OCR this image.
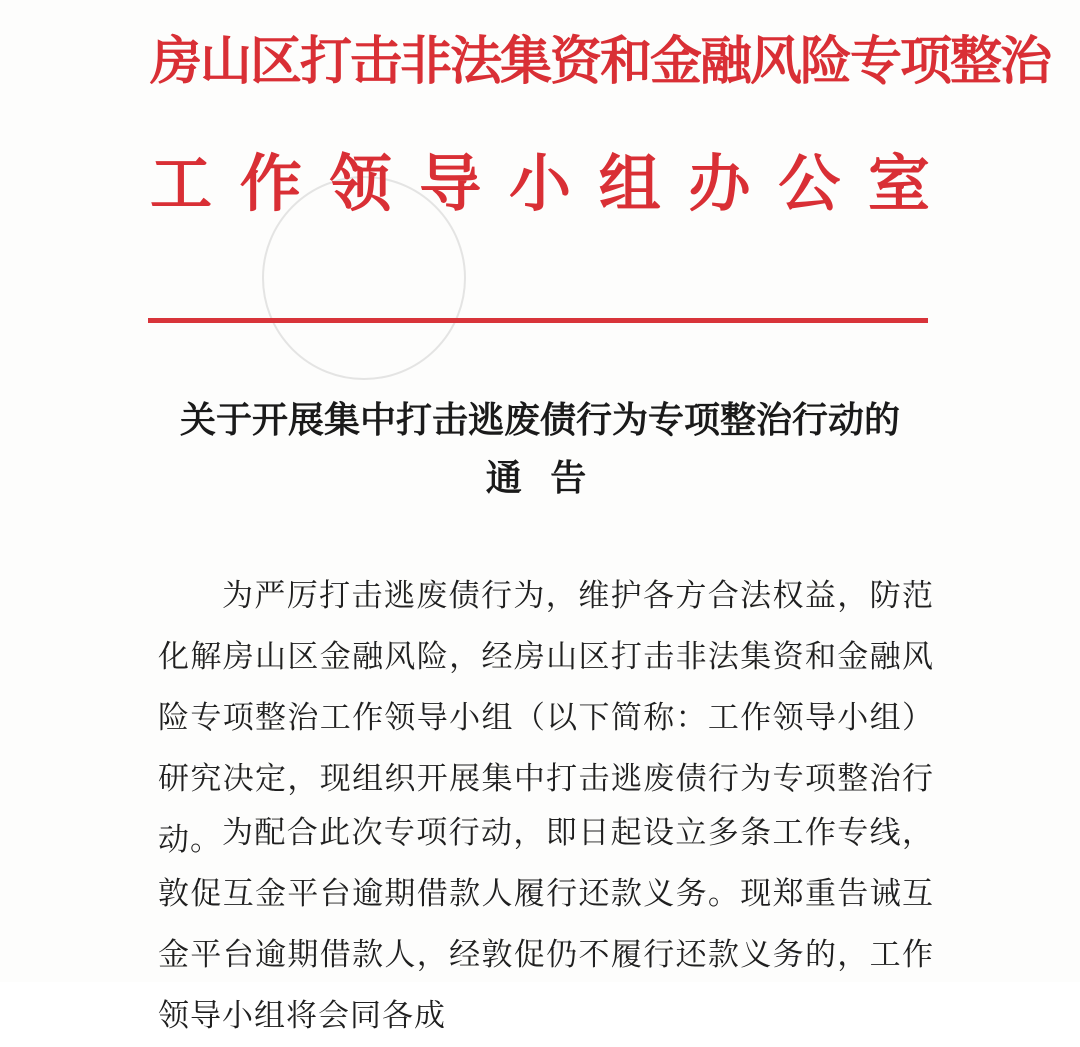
房山区打击非法集资和金融风险专项整治
工作领导小组办公室
关于开展集中打击逃废债行为专项整治行动的
通 告

为严厉打击逃废债行为，维护各方合法权益，防范化解房山区金融风险，经房山区打击非法集资和金融风险专项整治工作领导小组（以下简称：工作领导小组）研究决定，现组织开展集中打击逃废债行为专项整治行动。 为配合此次专项行动，即日起设立多条工作专线，敦促互金平台逾期借款人履行还款义务。现郑重告诫互金平台逾期借款人，经敦促仍不履行还款义务的，工作领导小组将会同各成
